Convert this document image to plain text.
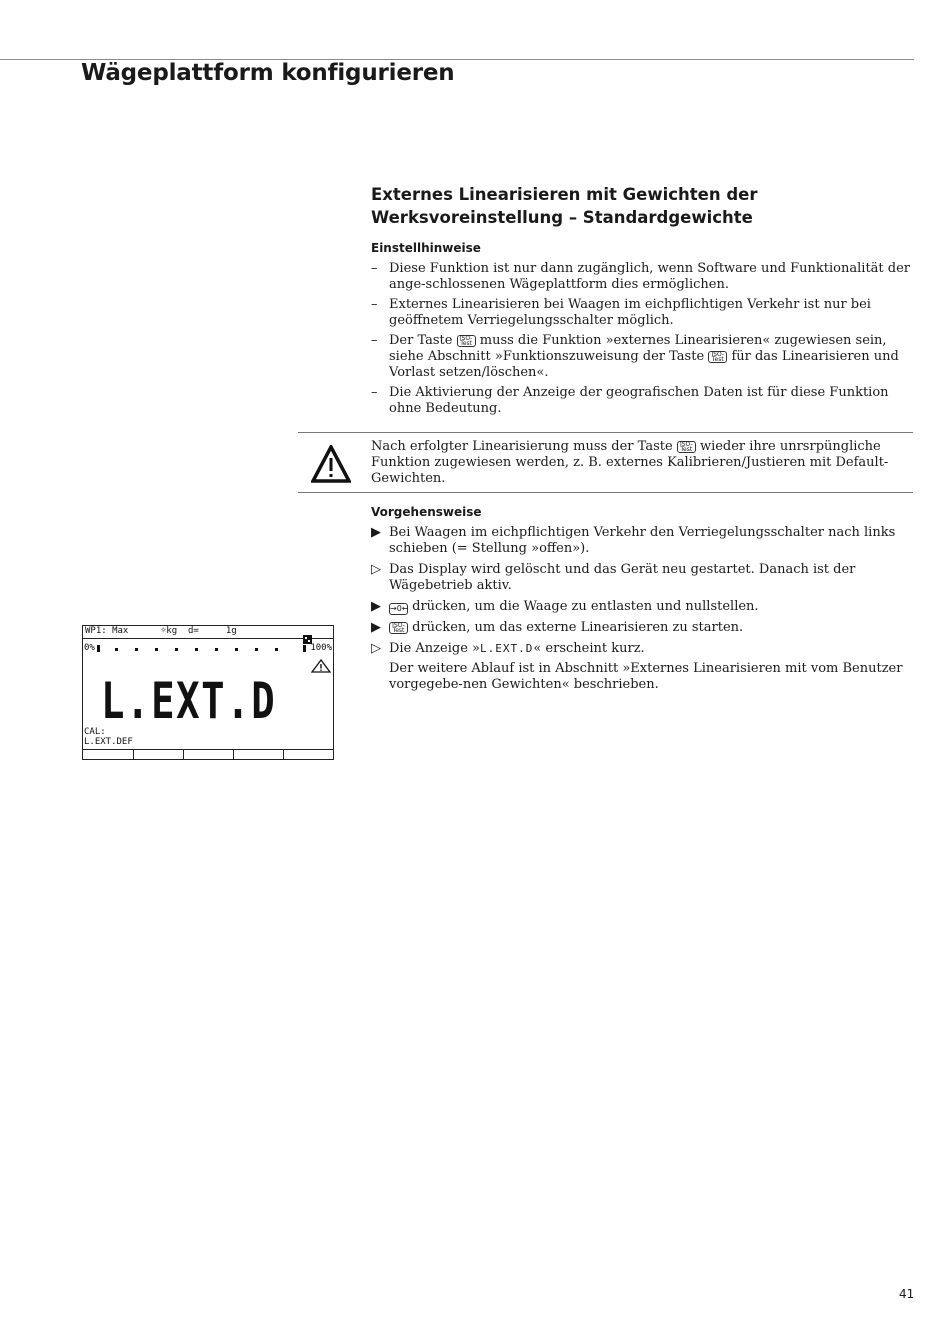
Wägeplattform konfigurieren
Externes Linearisieren mit Gewichten der Werksvoreinstellung – Standardgewichte
Einstellhinweise
– Diese Funktion ist nur dann zugänglich, wenn Software und Funktionalität der ange-schlossenen Wägeplattform dies ermöglichen.
– Externes Linearisieren bei Waagen im eichpflichtigen Verkehr ist nur bei geöffnetem Verriegelungsschalter möglich.
– Der Taste ISO-
Test muss die Funktion »externes Linearisieren« zugewiesen sein, siehe Abschnitt »Funktionszuweisung der Taste ISO-
Test für das Linearisieren und Vorlast setzen/löschen«.
– Die Aktivierung der Anzeige der geografischen Daten ist für diese Funktion ohne Bedeutung.
Nach erfolgter Linearisierung muss der Taste ISO-
Test wieder ihre unrsrpüngliche Funktion zugewiesen werden, z. B. externes Kalibrieren/Justieren mit Default-Gewichten.
Vorgehensweise
▶ Bei Waagen im eichpflichtigen Verkehr den Verriegelungsschalter nach links schieben (= Stellung »offen»).
▷ Das Display wird gelöscht und das Gerät neu gestartet. Danach ist der Wägebetrieb aktiv.
▶ →0← drücken, um die Waage zu entlasten und nullstellen.
▶ ISO-
Test drücken, um das externe Linearisieren zu starten.
▷ Die Anzeige »L.EXT.D« erscheint kurz.
Der weitere Ablauf ist in Abschnitt »Externes Linearisieren mit vom Benutzer vorgegebe-nen Gewichten« beschrieben.
WP1: Max      ☼kg  d=     1g
0%	100%
L.EXT.D
CAL:
L.EXT.DEF
41
